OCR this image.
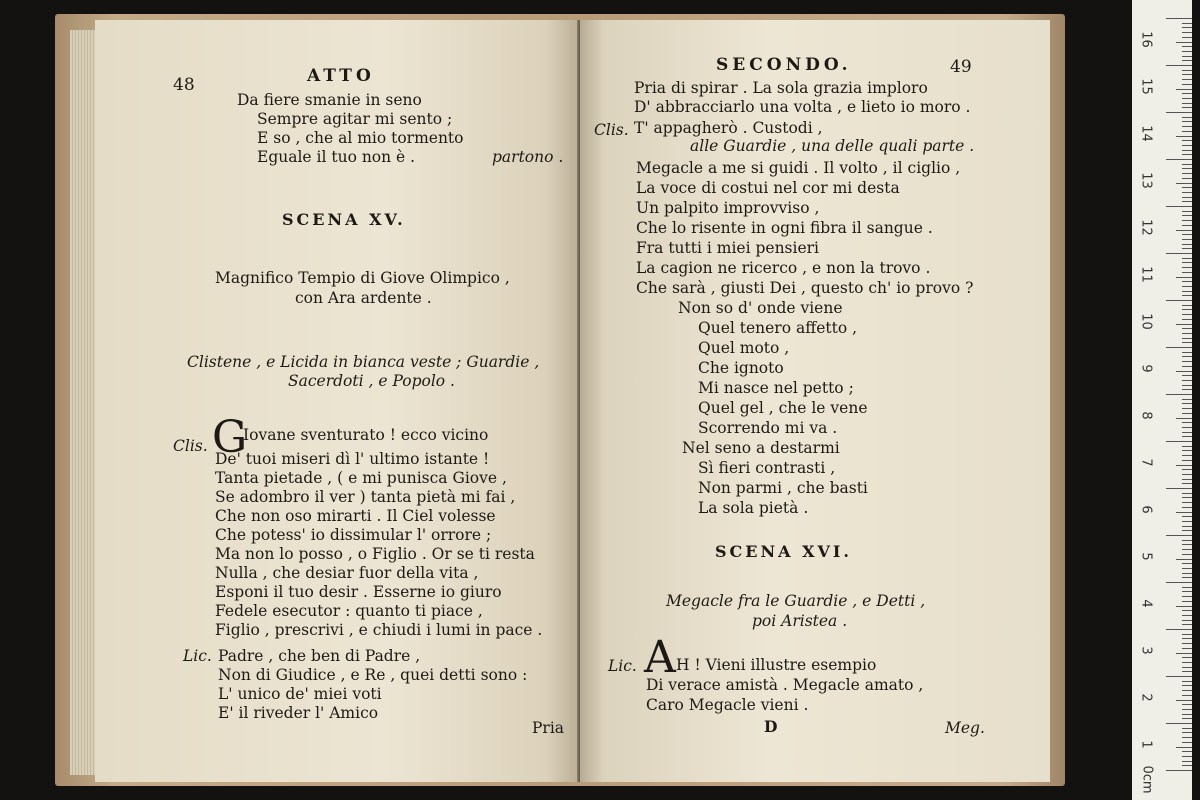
48	ATTO
Da fiere smanie in seno
Sempre agitar mi sento ;
E so , che al mio tormento
Eguale il tuo non è .	partono .
SCENA XV.
Magnifico Tempio di Giove Olimpico ,
con Ara ardente .
Clistene , e Licida in bianca veste ; Guardie ,
Sacerdoti , e Popolo .
Clis. G
Iovane sventurato ! ecco vicino
De' tuoi miseri dì l' ultimo istante !
Tanta pietade , ( e mi punisca Giove ,
Se adombro il ver ) tanta pietà mi fai ,
Che non oso mirarti . Il Ciel volesse
Che potess' io dissimular l' orrore ;
Ma non lo posso , o Figlio . Or se ti resta
Nulla , che desiar fuor della vita ,
Esponi il tuo desir . Esserne io giuro
Fedele esecutor : quanto ti piace ,
Figlio , prescrivi , e chiudi i lumi in pace .
Lic. Padre , che ben di Padre ,
Non di Giudice , e Re , quei detti sono :
L' unico de' miei voti
E' il riveder l' Amico
Pria
SECONDO.	49
Pria di spirar . La sola grazia imploro
D' abbracciarlo una volta , e lieto io moro .
Clis. T' appagherò . Custodi ,
alle Guardie , una delle quali parte .
Megacle a me si guidi . Il volto , il ciglio ,
La voce di costui nel cor mi desta
Un palpito improvviso ,
Che lo risente in ogni fibra il sangue .
Fra tutti i miei pensieri
La cagion ne ricerco , e non la trovo .
Che sarà , giusti Dei , questo ch' io provo ?
Non so d' onde viene
Quel tenero affetto ,
Quel moto ,
Che ignoto
Mi nasce nel petto ;
Quel gel , che le vene
Scorrendo mi va .
Nel seno a destarmi
Sì fieri contrasti ,
Non parmi , che basti
La sola pietà .
SCENA XVI.
Megacle fra le Guardie , e Detti ,
poi Aristea .
Lic. A H ! Vieni illustre esempio
Di verace amistà . Megacle amato ,
Caro Megacle vieni .
D	Meg.
16
15
14
13
12
11
10
9
8
7
6
5
4
3
2
1
0cm
